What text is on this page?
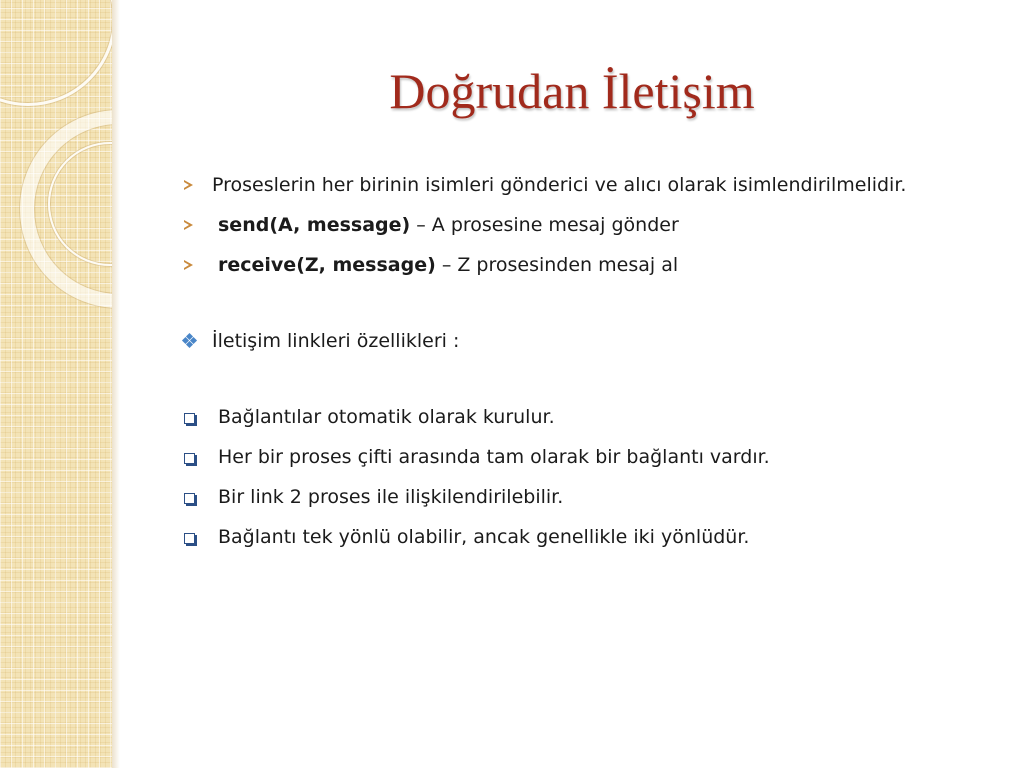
Doğrudan İletişim
Proseslerin her birinin isimleri gönderici ve alıcı olarak isimlendirilmelidir.
send(A, message) – A prosesine mesaj gönder
receive(Z, message) – Z prosesinden mesaj al
İletişim linkleri özellikleri :
Bağlantılar otomatik olarak kurulur.
Her bir proses çifti arasında tam olarak bir bağlantı vardır.
Bir link 2 proses ile ilişkilendirilebilir.
Bağlantı tek yönlü olabilir, ancak genellikle iki yönlüdür.
